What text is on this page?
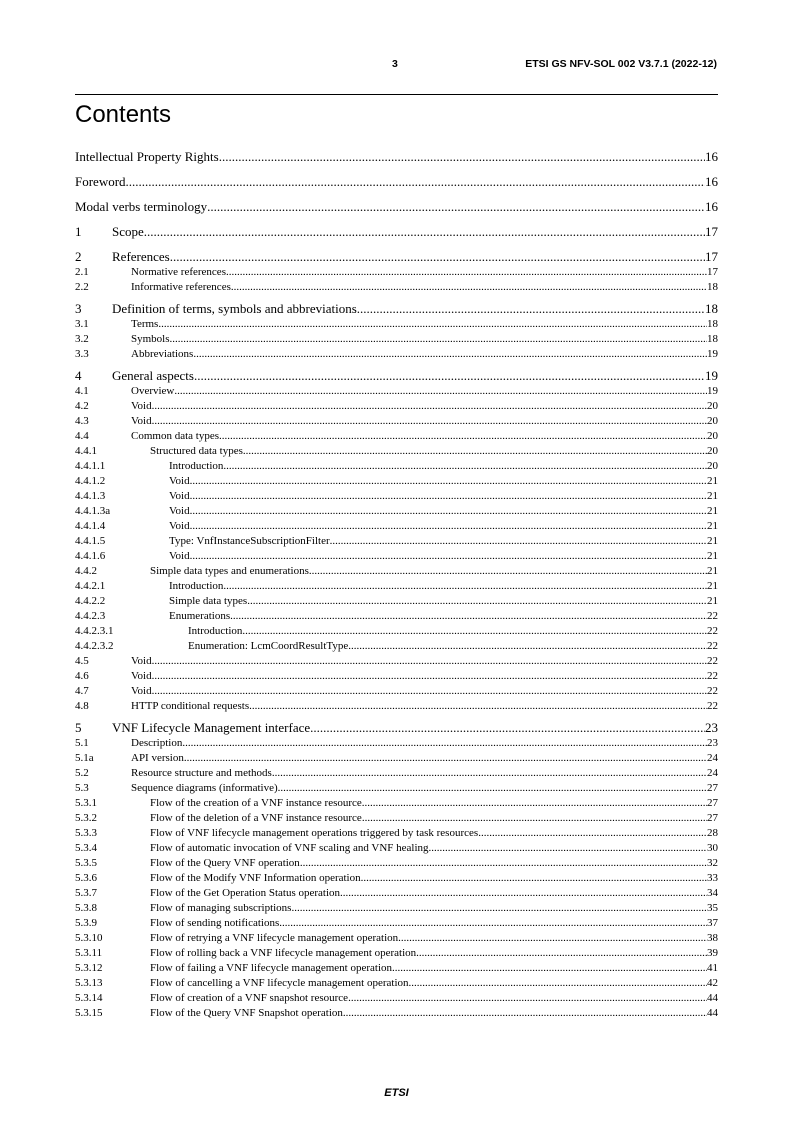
3	ETSI GS NFV-SOL 002 V3.7.1 (2022-12)
Contents
Intellectual Property Rights .....	16
Foreword .....	16
Modal verbs terminology .....	16
1	Scope .....	17
2	References .....	17
2.1	Normative references .....	17
2.2	Informative references .....	18
3	Definition of terms, symbols and abbreviations .....	18
3.1	Terms .....	18
3.2	Symbols .....	18
3.3	Abbreviations .....	19
4	General aspects .....	19
4.1	Overview .....	19
4.2	Void .....	20
4.3	Void .....	20
4.4	Common data types .....	20
4.4.1	Structured data types .....	20
4.4.1.1	Introduction .....	20
4.4.1.2	Void .....	21
4.4.1.3	Void .....	21
4.4.1.3a	Void .....	21
4.4.1.4	Void .....	21
4.4.1.5	Type: VnfInstanceSubscriptionFilter .....	21
4.4.1.6	Void .....	21
4.4.2	Simple data types and enumerations .....	21
4.4.2.1	Introduction .....	21
4.4.2.2	Simple data types .....	21
4.4.2.3	Enumerations .....	22
4.4.2.3.1	Introduction .....	22
4.4.2.3.2	Enumeration: LcmCoordResultType .....	22
4.5	Void .....	22
4.6	Void .....	22
4.7	Void .....	22
4.8	HTTP conditional requests .....	22
5	VNF Lifecycle Management interface .....	23
5.1	Description .....	23
5.1a	API version .....	24
5.2	Resource structure and methods .....	24
5.3	Sequence diagrams (informative) .....	27
5.3.1	Flow of the creation of a VNF instance resource .....	27
5.3.2	Flow of the deletion of a VNF instance resource .....	27
5.3.3	Flow of VNF lifecycle management operations triggered by task resources .....	28
5.3.4	Flow of automatic invocation of VNF scaling and VNF healing .....	30
5.3.5	Flow of the Query VNF operation .....	32
5.3.6	Flow of the Modify VNF Information operation .....	33
5.3.7	Flow of the Get Operation Status operation .....	34
5.3.8	Flow of managing subscriptions .....	35
5.3.9	Flow of sending notifications .....	37
5.3.10	Flow of retrying a VNF lifecycle management operation .....	38
5.3.11	Flow of rolling back a VNF lifecycle management operation .....	39
5.3.12	Flow of failing a VNF lifecycle management operation .....	41
5.3.13	Flow of cancelling a VNF lifecycle management operation .....	42
5.3.14	Flow of creation of a VNF snapshot resource .....	44
5.3.15	Flow of the Query VNF Snapshot operation .....	44
ETSI
